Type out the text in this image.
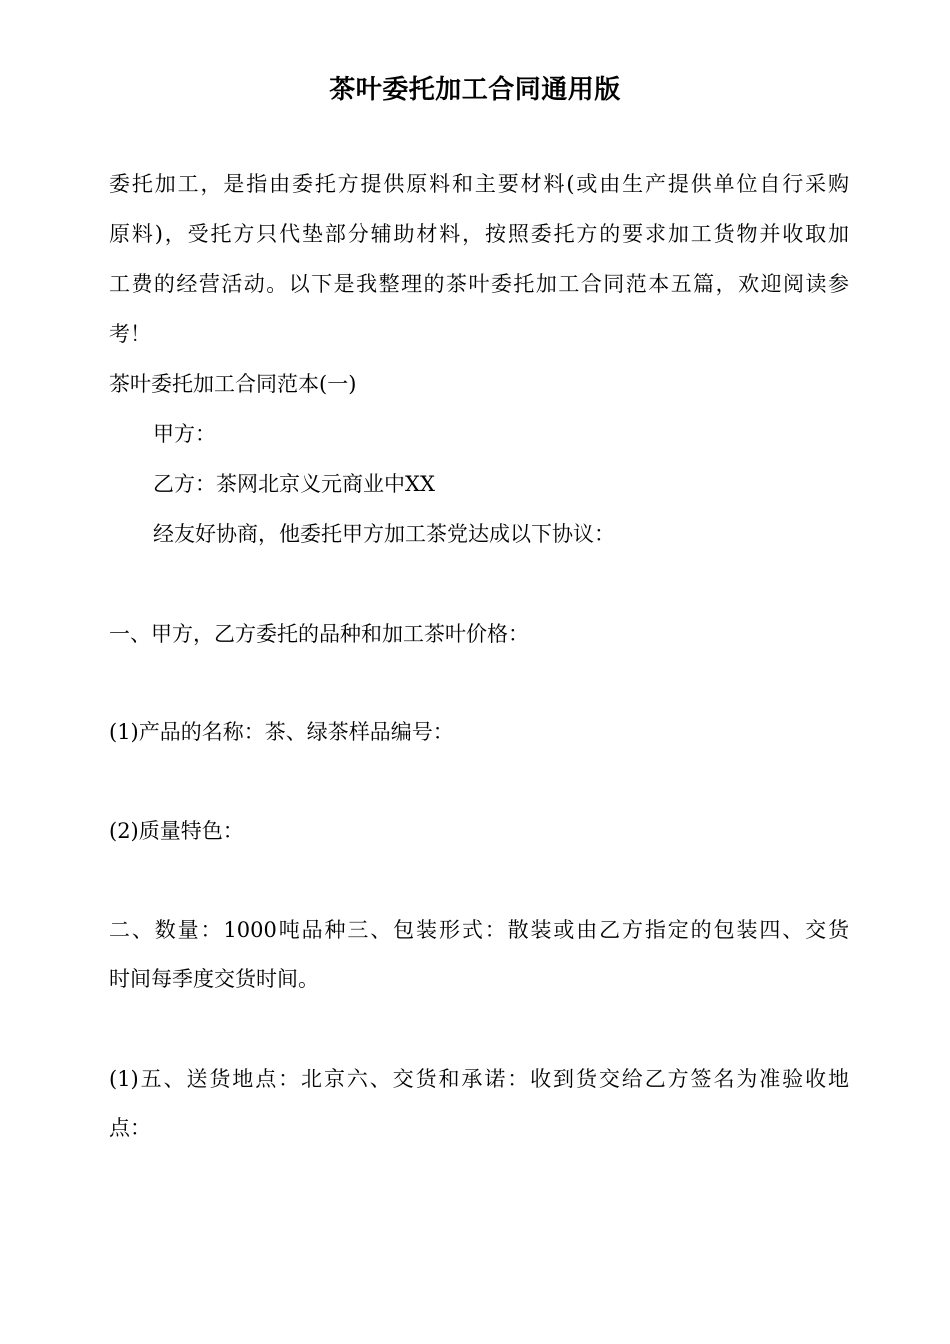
茶叶委托加工合同通用版

委托加工，是指由委托方提供原料和主要材料(或由生产提供单位自行采购

原料)，受托方只代垫部分辅助材料，按照委托方的要求加工货物并收取加

工费的经营活动。以下是我整理的茶叶委托加工合同范本五篇，欢迎阅读参

考！

茶叶委托加工合同范本(一)

甲方：

乙方：茶网北京义元商业中XX

经友好协商，他委托甲方加工茶党达成以下协议：

一、甲方，乙方委托的品种和加工茶叶价格：

(1)产品的名称：茶、绿茶样品编号：

(2)质量特色：

二、数量：1000吨品种三、包装形式：散装或由乙方指定的包装四、交货

时间每季度交货时间。

(1)五、送货地点：北京六、交货和承诺：收到货交给乙方签名为准验收地

点：
